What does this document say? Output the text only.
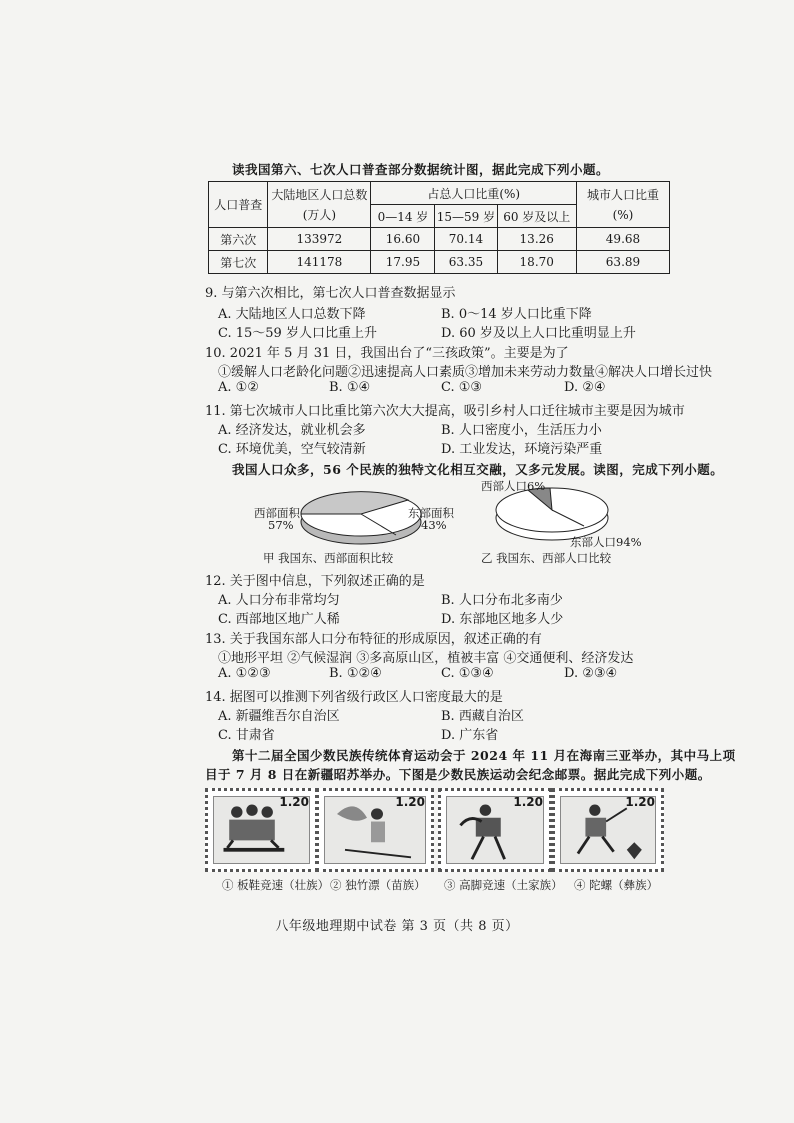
读我国第六、七次人口普查部分数据统计图，据此完成下列小题。
人口普查	大陆地区人口总数(万人)	占总人口比重(%)			城市人口比重(%)
		0—14 岁	15—59 岁	60 岁及以上	
第六次	133972	16.60	70.14	13.26	49.68
第七次	141178	17.95	63.35	18.70	63.89
9. 与第六次相比，第七次人口普查数据显示
A. 大陆地区人口总数下降	B. 0～14 岁人口比重下降
C. 15～59 岁人口比重上升	D. 60 岁及以上人口比重明显上升
10. 2021 年 5 月 31 日，我国出台了“三孩政策”。主要是为了
①缓解人口老龄化问题②迅速提高人口素质③增加未来劳动力数量④解决人口增长过快
A. ①②	B. ①④	C. ①③	D. ②④
11. 第七次城市人口比重比第六次大大提高，吸引乡村人口迁往城市主要是因为城市
A. 经济发达，就业机会多	B. 人口密度小，生活压力小
C. 环境优美，空气较清新	D. 工业发达，环境污染严重
我国人口众多，56 个民族的独特文化相互交融，又多元发展。读图，完成下列小题。
西部面积
57%
东部面积
43%
甲 我国东、西部面积比较
西部人口6%
东部人口94%
乙 我国东、西部人口比较
12. 关于图中信息，下列叙述正确的是
A. 人口分布非常均匀	B. 人口分布北多南少
C. 西部地区地广人稀	D. 东部地区地多人少
13. 关于我国东部人口分布特征的形成原因，叙述正确的有
①地形平坦 ②气候湿润 ③多高原山区，植被丰富 ④交通便利、经济发达
A. ①②③	B. ①②④	C. ①③④	D. ②③④
14. 据图可以推测下列省级行政区人口密度最大的是
A. 新疆维吾尔自治区	B. 西藏自治区
C. 甘肃省	D. 广东省
第十二届全国少数民族传统体育运动会于 2024 年 11 月在海南三亚举办，其中马上项
目于 7 月 8 日在新疆昭苏举办。下图是少数民族运动会纪念邮票。据此完成下列小题。
1.20	1.20	1.20	1.20
① 板鞋竞速（壮族） ② 独竹漂（苗族） ③ 高脚竞速（土家族） ④ 陀螺（彝族）
八年级地理期中试卷 第 3 页（共 8 页）
